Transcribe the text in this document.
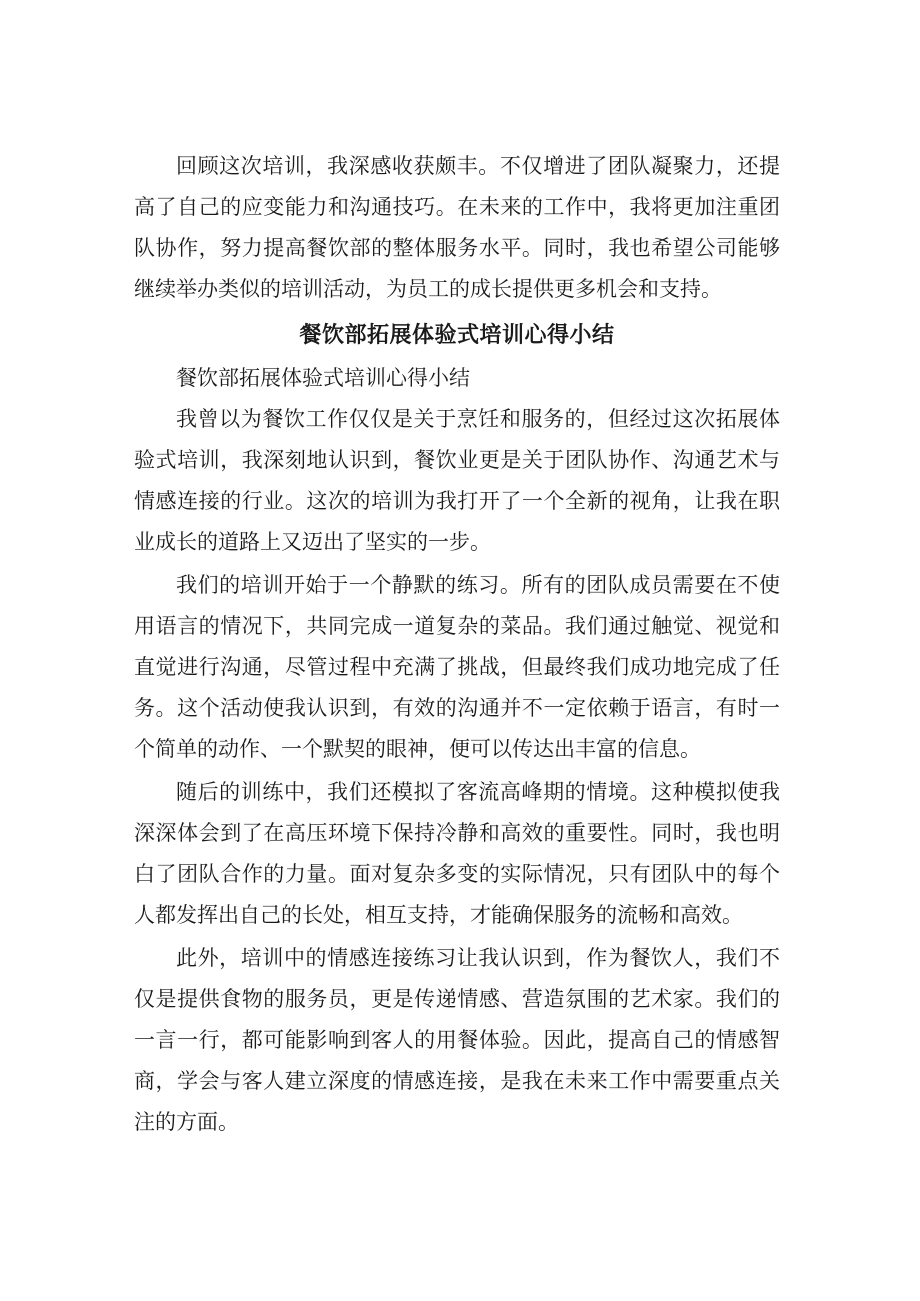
回顾这次培训，我深感收获颇丰。不仅增进了团队凝聚力，还提高了自己的应变能力和沟通技巧。在未来的工作中，我将更加注重团队协作，努力提高餐饮部的整体服务水平。同时，我也希望公司能够继续举办类似的培训活动，为员工的成长提供更多机会和支持。

餐饮部拓展体验式培训心得小结

餐饮部拓展体验式培训心得小结

我曾以为餐饮工作仅仅是关于烹饪和服务的，但经过这次拓展体验式培训，我深刻地认识到，餐饮业更是关于团队协作、沟通艺术与情感连接的行业。这次的培训为我打开了一个全新的视角，让我在职业成长的道路上又迈出了坚实的一步。

我们的培训开始于一个静默的练习。所有的团队成员需要在不使用语言的情况下，共同完成一道复杂的菜品。我们通过触觉、视觉和直觉进行沟通，尽管过程中充满了挑战，但最终我们成功地完成了任务。这个活动使我认识到，有效的沟通并不一定依赖于语言，有时一个简单的动作、一个默契的眼神，便可以传达出丰富的信息。

随后的训练中，我们还模拟了客流高峰期的情境。这种模拟使我深深体会到了在高压环境下保持冷静和高效的重要性。同时，我也明白了团队合作的力量。面对复杂多变的实际情况，只有团队中的每个人都发挥出自己的长处，相互支持，才能确保服务的流畅和高效。

此外，培训中的情感连接练习让我认识到，作为餐饮人，我们不仅是提供食物的服务员，更是传递情感、营造氛围的艺术家。我们的一言一行，都可能影响到客人的用餐体验。因此，提高自己的情感智商，学会与客人建立深度的情感连接，是我在未来工作中需要重点关注的方面。
